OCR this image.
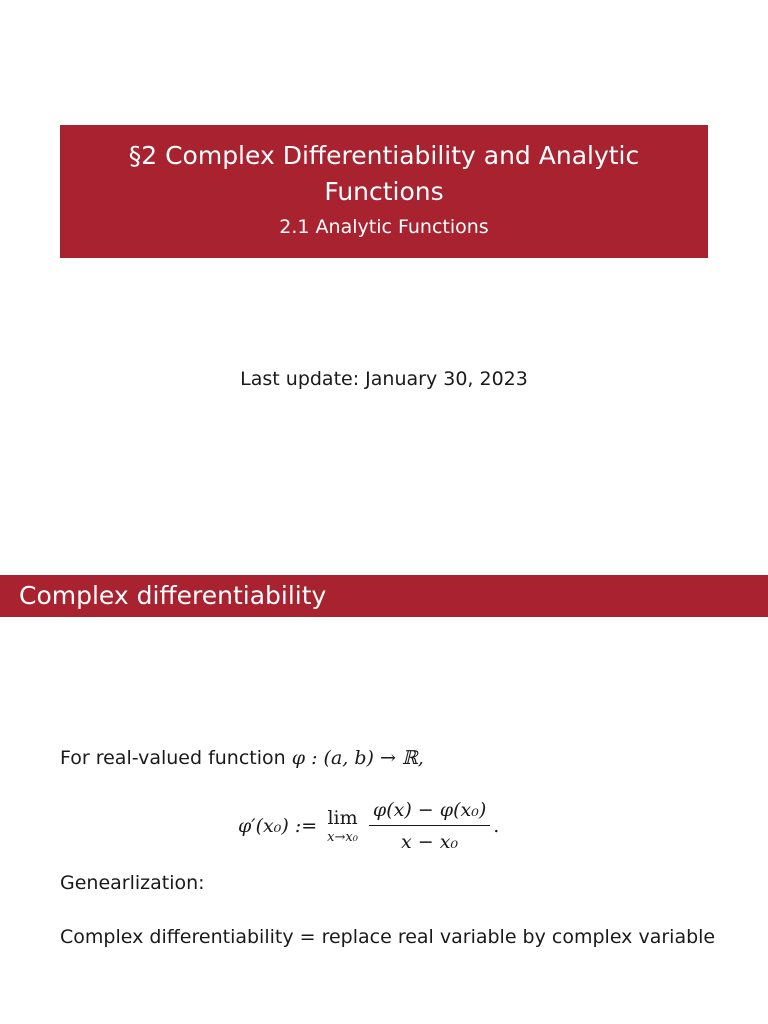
§2 Complex Differentiability and Analytic Functions
2.1 Analytic Functions
Last update: January 30, 2023
Complex differentiability
For real-valued function φ : (a, b) → ℝ,
φ′(x₀) := lim
$x\to x_0 \frac{\text{φ(x) − φ(x₀)}}{\text{x − x₀}}$ .
Genearlization:
Complex differentiability = replace real variable by complex variable
